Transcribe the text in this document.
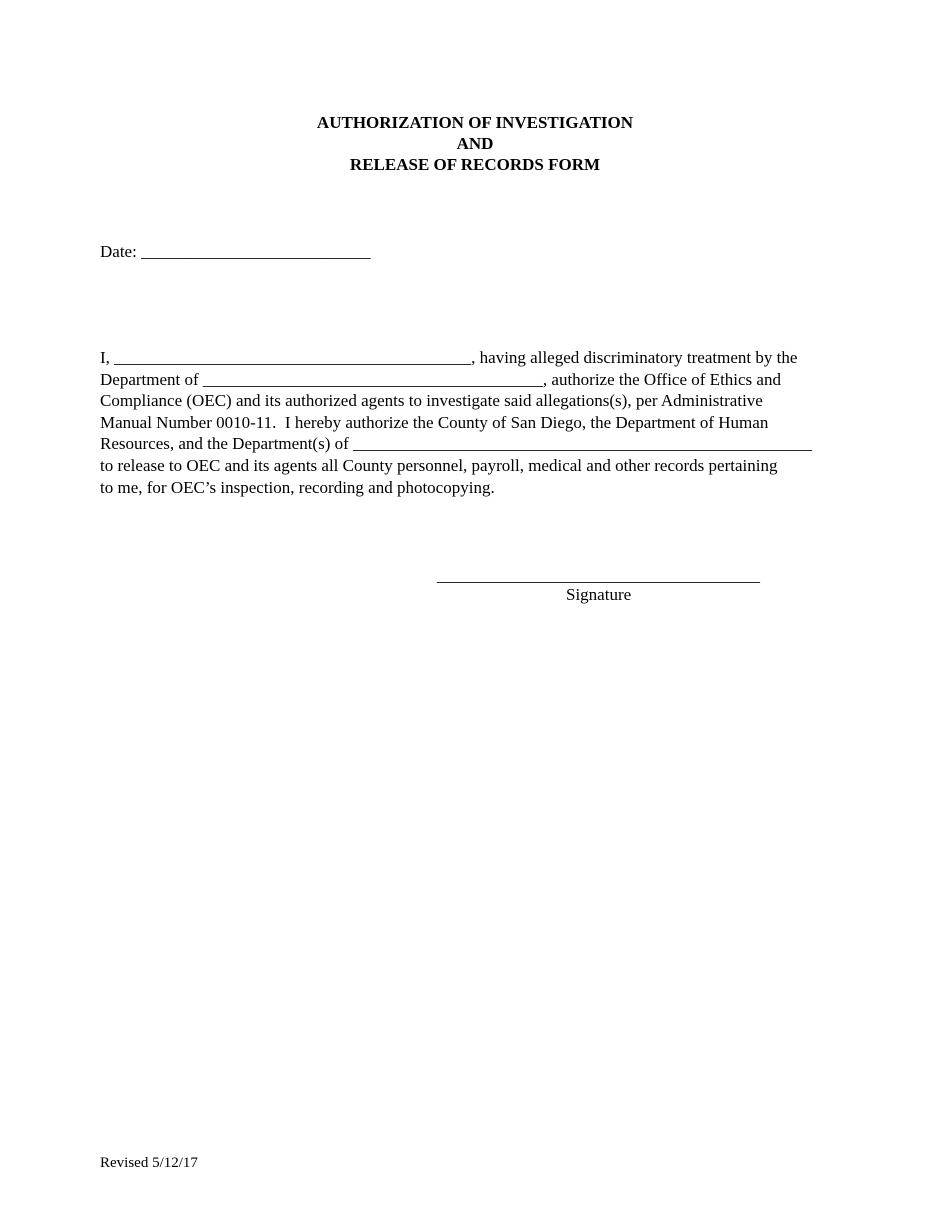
AUTHORIZATION OF INVESTIGATION
AND
RELEASE OF RECORDS FORM
Date: ___________________________
I, __________________________________________, having alleged discriminatory treatment by the
Department of ________________________________________, authorize the Office of Ethics and
Compliance (OEC) and its authorized agents to investigate said allegations(s), per Administrative
Manual Number 0010-11.  I hereby authorize the County of San Diego, the Department of Human
Resources, and the Department(s) of ______________________________________________________
to release to OEC and its agents all County personnel, payroll, medical and other records pertaining
to me, for OEC’s inspection, recording and photocopying.
______________________________________
Signature
Revised 5/12/17
